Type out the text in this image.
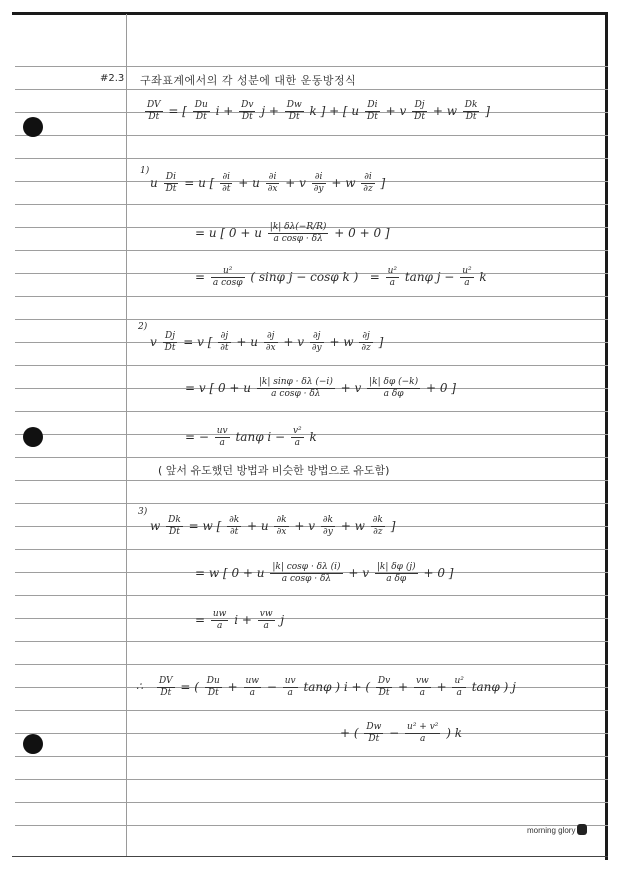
#2.3 구좌표계에서의 각 성분에 대한 운동방정식
$\frac{DV}{Dt}$ = [ $\frac{Du}{Dt}$ $i + \frac{Dv}{Dt}$ $j + \frac{Dw}{Dt}$ k ] + [ u $\frac{Di}{Dt} + v \frac{Dj}{Dt} + w \frac{Dk}{Dt}$ ]
1)
u $\frac{Di}{Dt} = u$ [ $\frac{\partial i}{\partial t} + u \frac{\partial i}{\partial x} + v \frac{\partial i}{\partial y} + w \frac{\partial i}{\partial z}$ ]
= u [ 0 + u $\frac{|k| \delta\lambda(-R/R)}{\text{a cosφ · δλ}} + 0 + 0$ ]
= $\frac{\text{u²}}{\text{a cosφ}}$ ( sinφ j − cosφ k ) = $\frac{\text{u²}}{a}$ tanφ $j - \frac{\text{u²}}{a}$ k
2)
v $\frac{Dj}{Dt} = v$ [ $\frac{\partial j}{\partial t} + u \frac{\partial j}{\partial x} + v \frac{\partial j}{\partial y} + w \frac{\partial j}{\partial z}$ ]
= v [ 0 + u $\frac{|k| \sin\varphi \cdot \delta\lambda (-i)}{\text{a cosφ · δλ}} + v \frac{|k| \delta\varphi (-k)}{\text{a δφ}} + 0$ ]
= − $\frac{uv}{a}$ tanφ $i - \frac{\text{v²}}{a}$ k
( 앞서 유도했던 방법과 비슷한 방법으로 유도함)
3)
w $\frac{Dk}{Dt} = w$ [ $\frac{\partial k}{\partial t} + u \frac{\partial k}{\partial x} + v \frac{\partial k}{\partial y} + w \frac{\partial k}{\partial z}$ ]
= w [ 0 + u $\frac{|k| \cos\varphi \cdot \delta\lambda (i)}{\text{a cosφ · δλ}} + v \frac{|k| \delta\varphi (j)}{\text{a δφ}} + 0$ ]
= $\frac{uw}{a}$ $i + \frac{vw}{a}$ j
∴ $\frac{DV}{Dt}$ = ( $\frac{Du}{Dt} + \frac{uw}{a} - \frac{uv}{a}$ tanφ ) i + ( $\frac{Dv}{Dt} + \frac{vw}{a} + \frac{\text{u²}}{a}$ tanφ ) j
+ ( $\frac{Dw}{Dt} - \frac{\text{u² + v²}}{a}$ ) k
morning glory
